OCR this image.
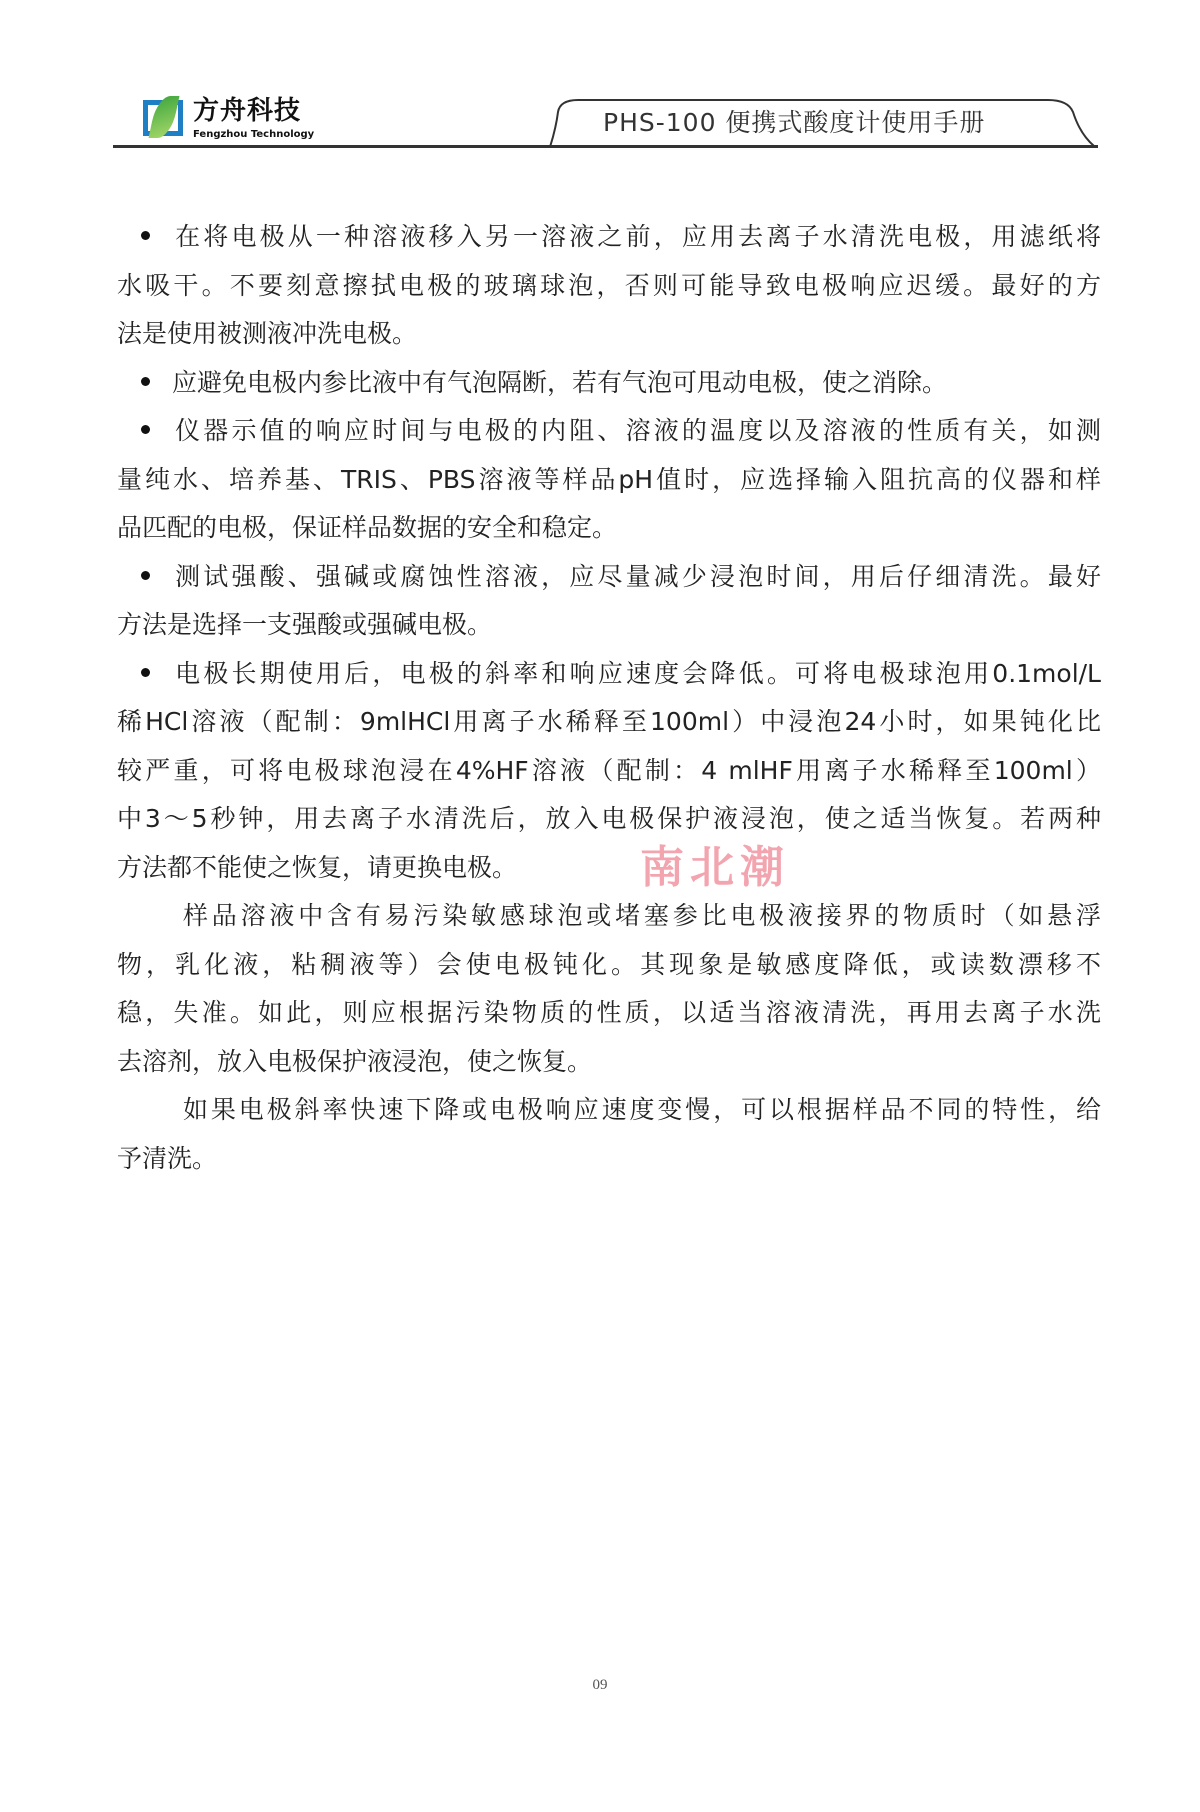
方舟科技
Fengzhou Technology	PHS-100 便携式酸度计使用手册
在将电极从一种溶液移入另一溶液之前，应用去离子水清洗电极，用滤纸将
水吸干。不要刻意擦拭电极的玻璃球泡，否则可能导致电极响应迟缓。最好的方
法是使用被测液冲洗电极。
应避免电极内参比液中有气泡隔断，若有气泡可甩动电极，使之消除。
仪器示值的响应时间与电极的内阻、溶液的温度以及溶液的性质有关，如测
量纯水、培养基、TRIS、PBS溶液等样品pH值时，应选择输入阻抗高的仪器和样
品匹配的电极，保证样品数据的安全和稳定。
测试强酸、强碱或腐蚀性溶液，应尽量减少浸泡时间，用后仔细清洗。最好
方法是选择一支强酸或强碱电极。
电极长期使用后，电极的斜率和响应速度会降低。可将电极球泡用0.1mol/L
稀HCl溶液（配制：9mlHCl用离子水稀释至100ml）中浸泡24小时，如果钝化比
较严重，可将电极球泡浸在4%HF溶液（配制：4 mlHF用离子水稀释至100ml）
中3～5秒钟，用去离子水清洗后，放入电极保护液浸泡，使之适当恢复。若两种
方法都不能使之恢复，请更换电极。
样品溶液中含有易污染敏感球泡或堵塞参比电极液接界的物质时（如悬浮
物，乳化液，粘稠液等）会使电极钝化。其现象是敏感度降低，或读数漂移不
稳，失准。如此，则应根据污染物质的性质，以适当溶液清洗，再用去离子水洗
去溶剂，放入电极保护液浸泡，使之恢复。
如果电极斜率快速下降或电极响应速度变慢，可以根据样品不同的特性，给
予清洗。
南北潮
09
